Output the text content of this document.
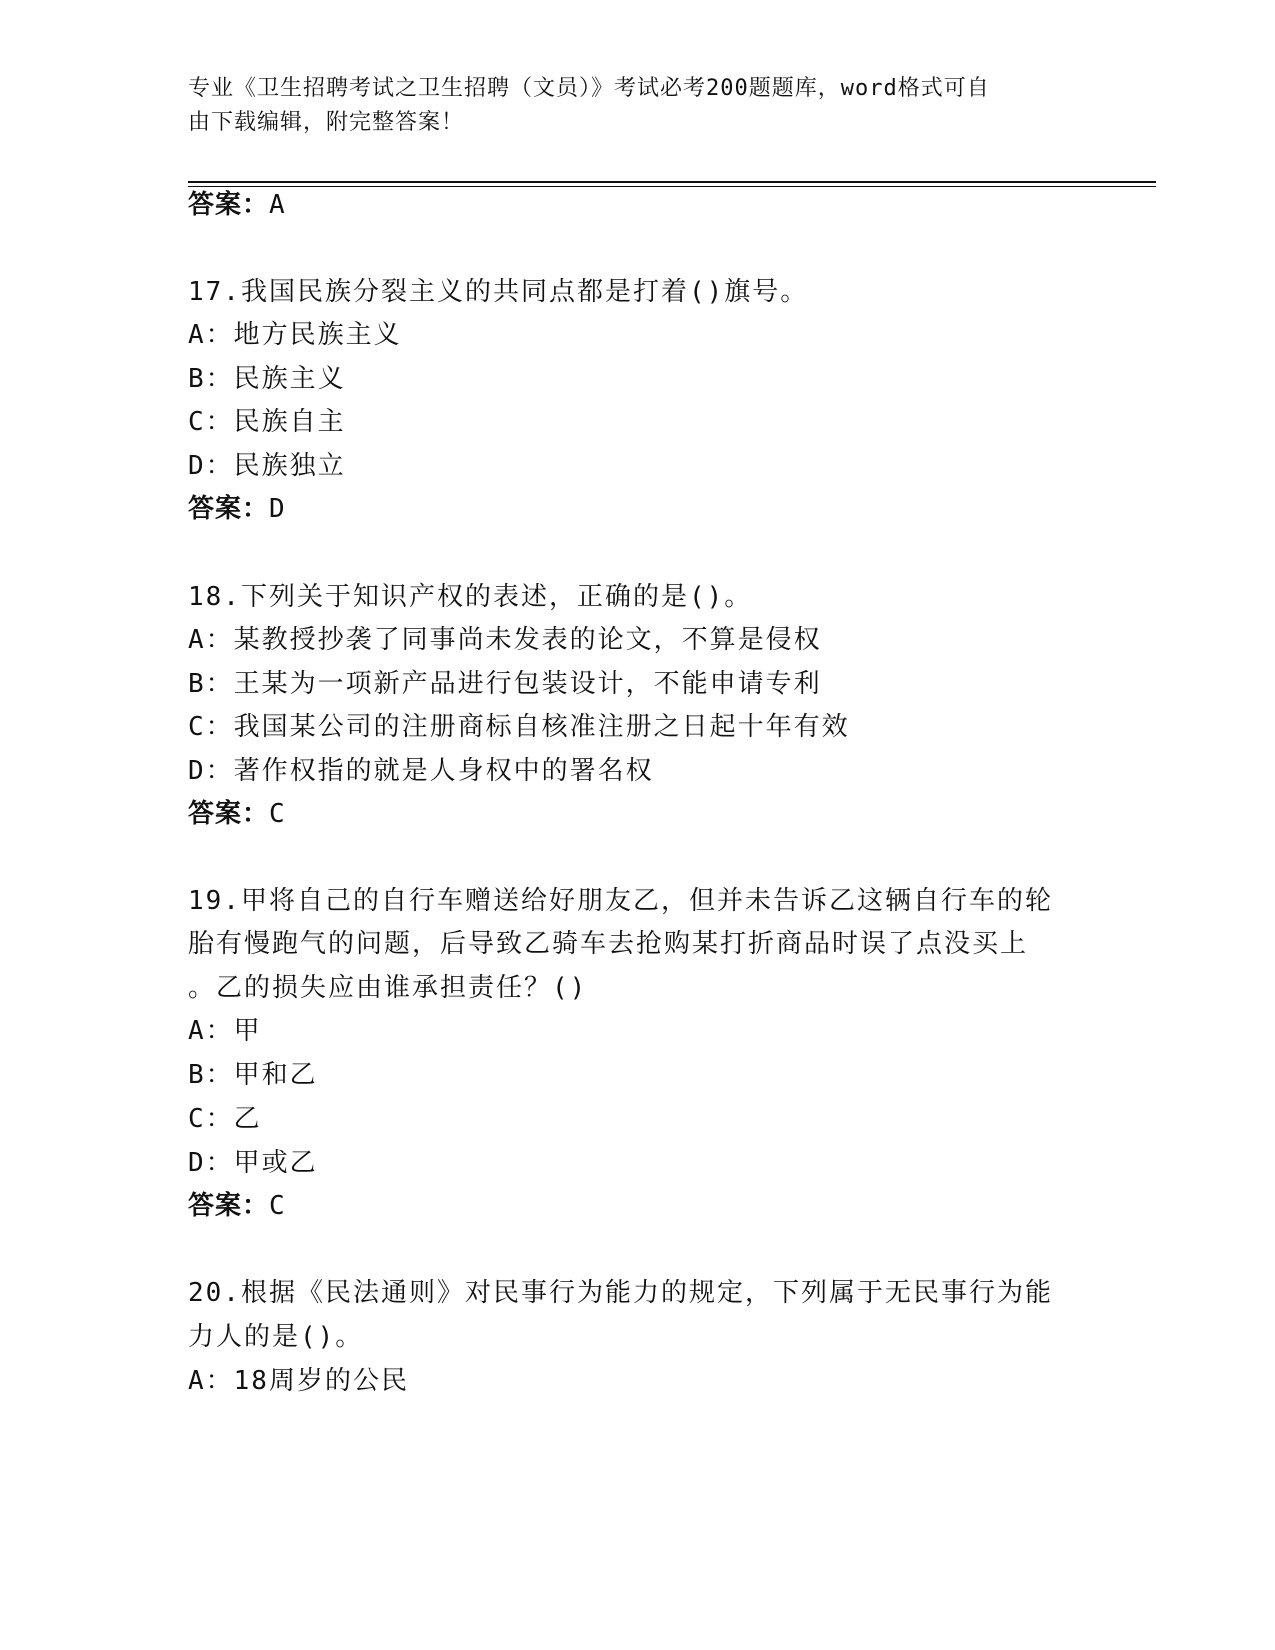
专业《卫生招聘考试之卫生招聘（文员）》考试必考200题题库，word格式可自
由下载编辑，附完整答案！
答案：A
17.我国民族分裂主义的共同点都是打着()旗号。
A：地方民族主义
B：民族主义
C：民族自主
D：民族独立
答案：D
18.下列关于知识产权的表述，正确的是()。
A：某教授抄袭了同事尚未发表的论文，不算是侵权
B：王某为一项新产品进行包装设计，不能申请专利
C：我国某公司的注册商标自核准注册之日起十年有效
D：著作权指的就是人身权中的署名权
答案：C
19.甲将自己的自行车赠送给好朋友乙，但并未告诉乙这辆自行车的轮
胎有慢跑气的问题，后导致乙骑车去抢购某打折商品时误了点没买上
。乙的损失应由谁承担责任？()
A：甲
B：甲和乙
C：乙
D：甲或乙
答案：C
20.根据《民法通则》对民事行为能力的规定，下列属于无民事行为能
力人的是()。
A：18周岁的公民
